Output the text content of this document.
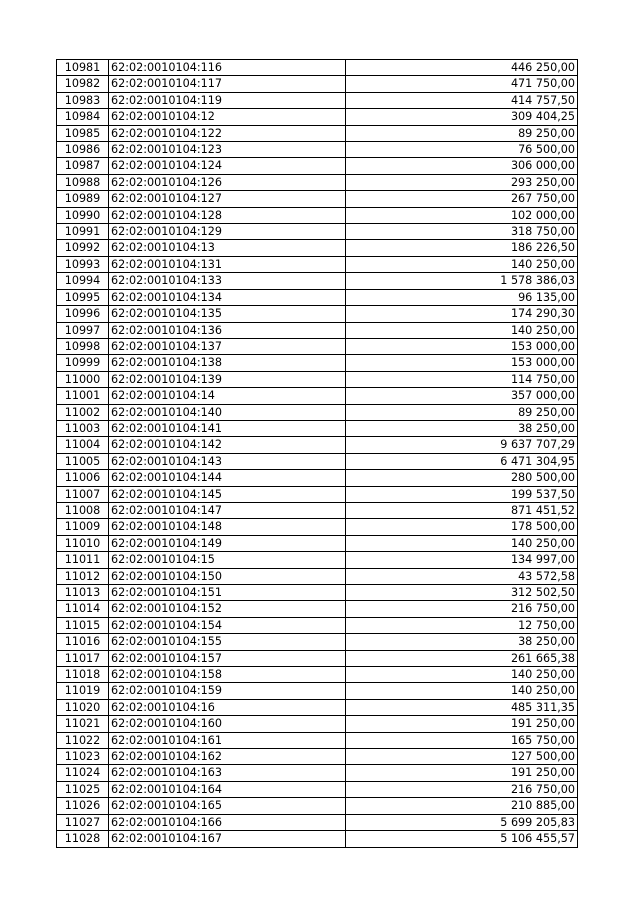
10981	62:02:0010104:116	446 250,00
10982	62:02:0010104:117	471 750,00
10983	62:02:0010104:119	414 757,50
10984	62:02:0010104:12	309 404,25
10985	62:02:0010104:122	89 250,00
10986	62:02:0010104:123	76 500,00
10987	62:02:0010104:124	306 000,00
10988	62:02:0010104:126	293 250,00
10989	62:02:0010104:127	267 750,00
10990	62:02:0010104:128	102 000,00
10991	62:02:0010104:129	318 750,00
10992	62:02:0010104:13	186 226,50
10993	62:02:0010104:131	140 250,00
10994	62:02:0010104:133	1 578 386,03
10995	62:02:0010104:134	96 135,00
10996	62:02:0010104:135	174 290,30
10997	62:02:0010104:136	140 250,00
10998	62:02:0010104:137	153 000,00
10999	62:02:0010104:138	153 000,00
11000	62:02:0010104:139	114 750,00
11001	62:02:0010104:14	357 000,00
11002	62:02:0010104:140	89 250,00
11003	62:02:0010104:141	38 250,00
11004	62:02:0010104:142	9 637 707,29
11005	62:02:0010104:143	6 471 304,95
11006	62:02:0010104:144	280 500,00
11007	62:02:0010104:145	199 537,50
11008	62:02:0010104:147	871 451,52
11009	62:02:0010104:148	178 500,00
11010	62:02:0010104:149	140 250,00
11011	62:02:0010104:15	134 997,00
11012	62:02:0010104:150	43 572,58
11013	62:02:0010104:151	312 502,50
11014	62:02:0010104:152	216 750,00
11015	62:02:0010104:154	12 750,00
11016	62:02:0010104:155	38 250,00
11017	62:02:0010104:157	261 665,38
11018	62:02:0010104:158	140 250,00
11019	62:02:0010104:159	140 250,00
11020	62:02:0010104:16	485 311,35
11021	62:02:0010104:160	191 250,00
11022	62:02:0010104:161	165 750,00
11023	62:02:0010104:162	127 500,00
11024	62:02:0010104:163	191 250,00
11025	62:02:0010104:164	216 750,00
11026	62:02:0010104:165	210 885,00
11027	62:02:0010104:166	5 699 205,83
11028	62:02:0010104:167	5 106 455,57
